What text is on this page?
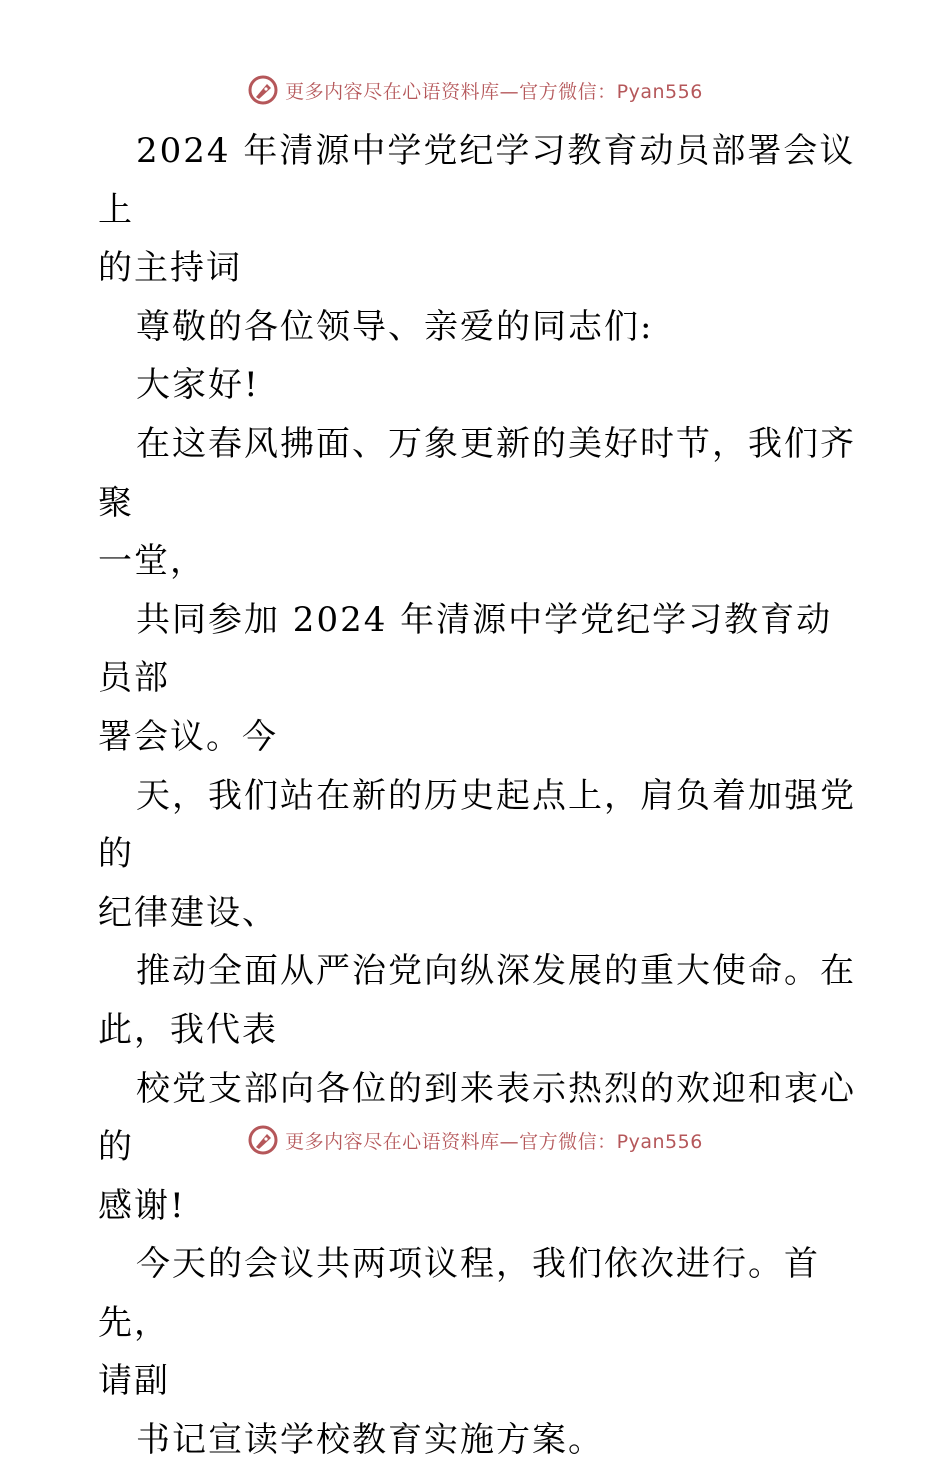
更多内容尽在心语资料库—官方微信：Pyan556

2024 年清源中学党纪学习教育动员部署会议上

的主持词

尊敬的各位领导、亲爱的同志们:

大家好!

在这春风拂面、万象更新的美好时节，我们齐聚

一堂，

共同参加 2024 年清源中学党纪学习教育动员部

署会议。今

天，我们站在新的历史起点上，肩负着加强党的

纪律建设、

推动全面从严治党向纵深发展的重大使命。在

此，我代表

校党支部向各位的到来表示热烈的欢迎和衷心的

感谢!

今天的会议共两项议程，我们依次进行。首先，

请副

书记宣读学校教育实施方案。

更多内容尽在心语资料库—官方微信：Pyan556
